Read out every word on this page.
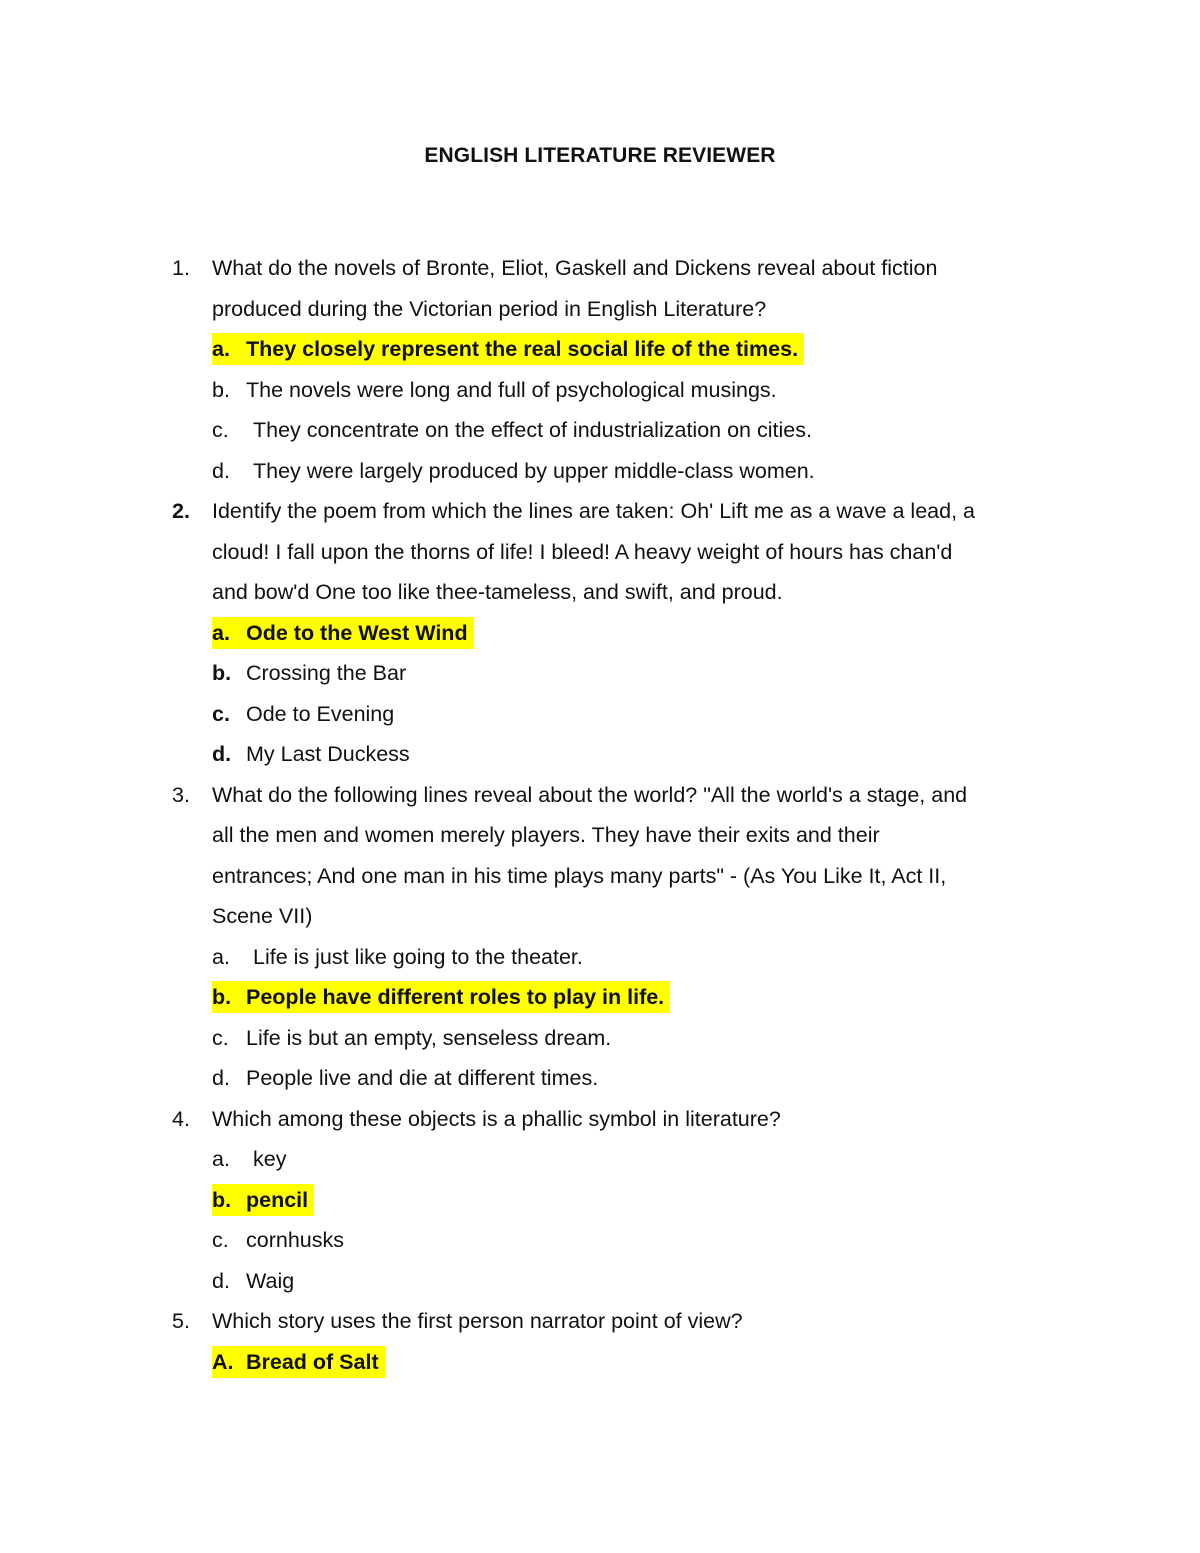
ENGLISH LITERATURE REVIEWER
1.	What do the novels of Bronte, Eliot, Gaskell and Dickens reveal about fiction
produced during the Victorian period in English Literature?
a. They closely represent the real social life of the times.
b. The novels were long and full of psychological musings.
c. They concentrate on the effect of industrialization on cities.
d. They were largely produced by upper middle-class women.
2.	Identify the poem from which the lines are taken: Oh' Lift me as a wave a lead, a
cloud! I fall upon the thorns of life! I bleed! A heavy weight of hours has chan'd
and bow'd One too like thee-tameless, and swift, and proud.
a. Ode to the West Wind
b. Crossing the Bar
c. Ode to Evening
d. My Last Duckess
3.	What do the following lines reveal about the world? "All the world's a stage, and
all the men and women merely players. They have their exits and their
entrances; And one man in his time plays many parts" - (As You Like It, Act II,
Scene VII)
a. Life is just like going to the theater.
b. People have different roles to play in life.
c. Life is but an empty, senseless dream.
d. People live and die at different times.
4.	Which among these objects is a phallic symbol in literature?
a. key
b. pencil
c. cornhusks
d. Waig
5.	Which story uses the first person narrator point of view?
A. Bread of Salt
